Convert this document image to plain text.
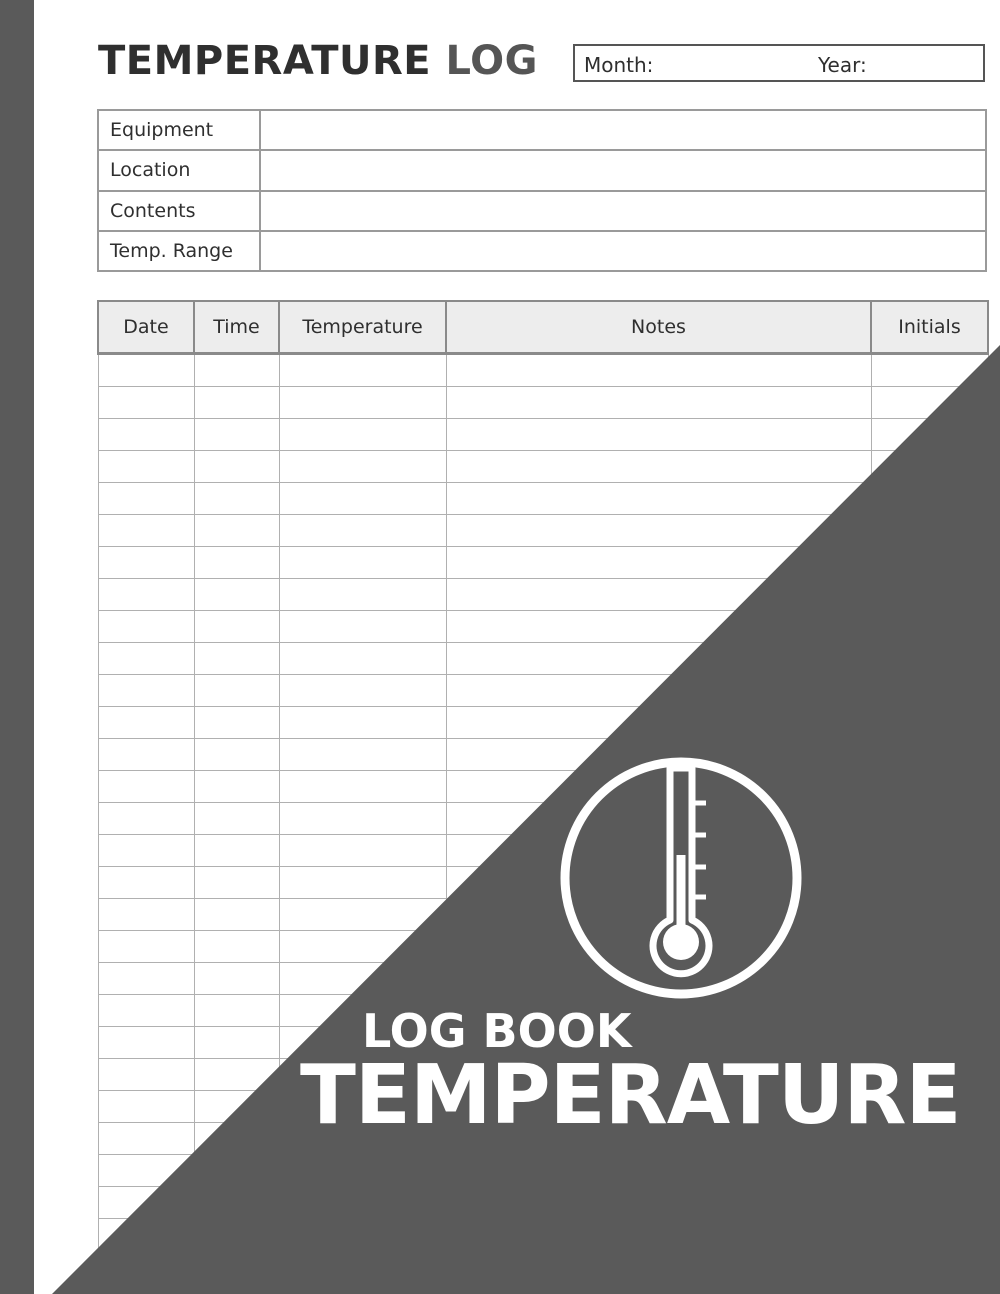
TEMPERATURE LOG Month:	Year:
Equipment	
Location	
Contents	
Temp. Range	
Date	Time	Temperature	Notes	Initials

LOG BOOK
TEMPERATURE
